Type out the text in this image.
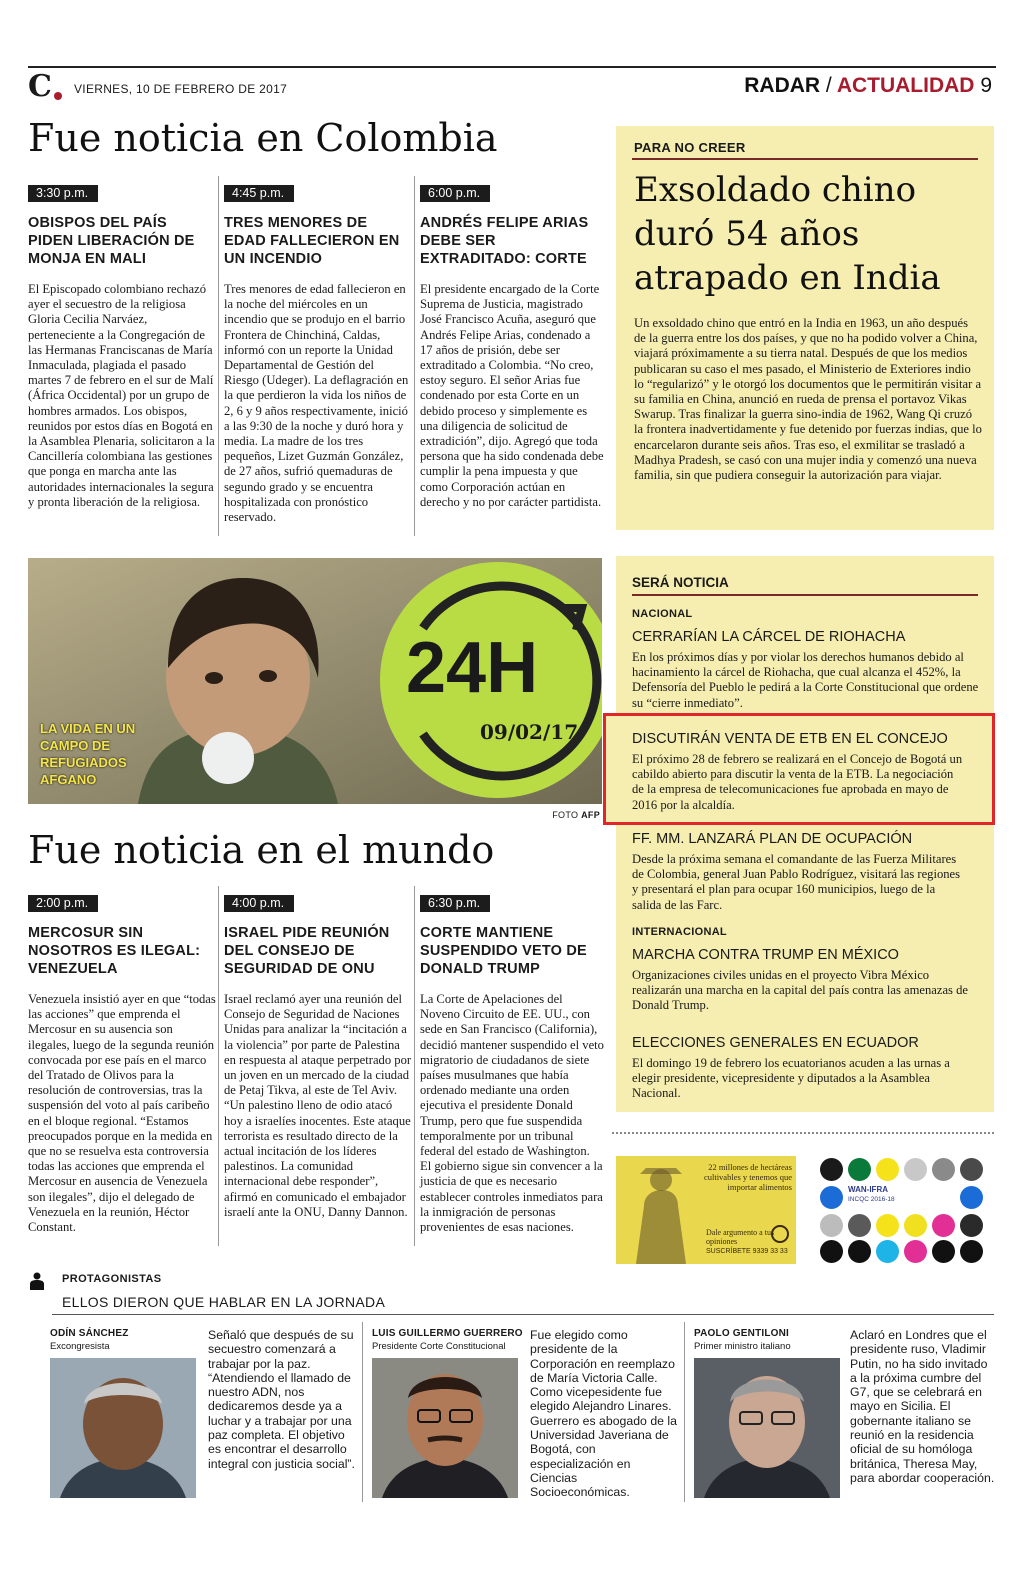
C VIERNES, 10 DE FEBRERO DE 2017	RADAR / ACTUALIDAD 9
Fue noticia en Colombia
3:30 p.m.
OBISPOS DEL PAÍS PIDEN LIBERACIÓN DE MONJA EN MALI
El Episcopado colombiano rechazó ayer el secuestro de la religiosa Gloria Cecilia Narváez, perteneciente a la Congregación de las Hermanas Franciscanas de María Inmaculada, plagiada el pasado martes 7 de febrero en el sur de Malí (África Occidental) por un grupo de hombres armados. Los obispos, reunidos por estos días en Bogotá en la Asamblea Plenaria, solicitaron a la Cancillería colombiana las gestiones que ponga en marcha ante las autoridades internacionales la segura y pronta liberación de la religiosa.
4:45 p.m.
TRES MENORES DE EDAD FALLECIERON EN UN INCENDIO
Tres menores de edad fallecieron en la noche del miércoles en un incendio que se produjo en el barrio Frontera de Chinchiná, Caldas, informó con un reporte la Unidad Departamental de Gestión del Riesgo (Udeger). La deflagración en la que perdieron la vida los niños de 2, 6 y 9 años respectivamente, inició a las 9:30 de la noche y duró hora y media. La madre de los tres pequeños, Lizet Guzmán González, de 27 años, sufrió quemaduras de segundo grado y se encuentra hospitalizada con pronóstico reservado.
6:00 p.m.
ANDRÉS FELIPE ARIAS DEBE SER EXTRADITADO: CORTE
El presidente encargado de la Corte Suprema de Justicia, magistrado José Francisco Acuña, aseguró que Andrés Felipe Arias, condenado a 17 años de prisión, debe ser extraditado a Colombia. “No creo, estoy seguro. El señor Arias fue condenado por esta Corte en un debido proceso y simplemente es una diligencia de solicitud de extradición”, dijo. Agregó que toda persona que ha sido condenada debe cumplir la pena impuesta y que como Corporación actúan en derecho y no por carácter partidista.
PARA NO CREER
Exsoldado chino duró 54 años atrapado en India
Un exsoldado chino que entró en la India en 1963, un año después de la guerra entre los dos países, y que no ha podido volver a China, viajará próximamente a su tierra natal. Después de que los medios publicaran su caso el mes pasado, el Ministerio de Exteriores indio lo “regularizó” y le otorgó los documentos que le permitirán visitar a su familia en China, anunció en rueda de prensa el portavoz Vikas Swarup. Tras finalizar la guerra sino-india de 1962, Wang Qi cruzó la frontera inadvertidamente y fue detenido por fuerzas indias, que lo encarcelaron durante seis años. Tras eso, el exmilitar se trasladó a Madhya Pradesh, se casó con una mujer india y comenzó una nueva familia, sin que pudiera conseguir la autorización para viajar.
24H
09/02/17
LA VIDA EN UN CAMPO DE REFUGIADOS AFGANO
FOTO AFP
SERÁ NOTICIA
NACIONAL
CERRARÍAN LA CÁRCEL DE RIOHACHA
En los próximos días y por violar los derechos humanos debido al hacinamiento la cárcel de Riohacha, que cual alcanza el 452%, la Defensoría del Pueblo le pedirá a la Corte Constitucional que ordene su “cierre inmediato”.
DISCUTIRÁN VENTA DE ETB EN EL CONCEJO
El próximo 28 de febrero se realizará en el Concejo de Bogotá un cabildo abierto para discutir la venta de la ETB. La negociación de la empresa de telecomunicaciones fue aprobada en mayo de 2016 por la alcaldía.
FF. MM. LANZARÁ PLAN DE OCUPACIÓN
Desde la próxima semana el comandante de las Fuerza Militares de Colombia, general Juan Pablo Rodríguez, visitará las regiones y presentará el plan para ocupar 160 municipios, luego de la salida de las Farc.
INTERNACIONAL
MARCHA CONTRA TRUMP EN MÉXICO
Organizaciones civiles unidas en el proyecto Vibra México realizarán una marcha en la capital del país contra las amenazas de Donald Trump.
ELECCIONES GENERALES EN ECUADOR
El domingo 19 de febrero los ecuatorianos acuden a las urnas a elegir presidente, vicepresidente y diputados a la Asamblea Nacional.
Fue noticia en el mundo
2:00 p.m.
MERCOSUR SIN NOSOTROS ES ILEGAL: VENEZUELA
Venezuela insistió ayer en que “todas las acciones” que emprenda el Mercosur en su ausencia son ilegales, luego de la segunda reunión convocada por ese país en el marco del Tratado de Olivos para la resolución de controversias, tras la suspensión del voto al país caribeño en el bloque regional. “Estamos preocupados porque en la medida en que no se resuelva esta controversia todas las acciones que emprenda el Mercosur en ausencia de Venezuela son ilegales”, dijo el delegado de Venezuela en la reunión, Héctor Constant.
4:00 p.m.
ISRAEL PIDE REUNIÓN DEL CONSEJO DE SEGURIDAD DE ONU
Israel reclamó ayer una reunión del Consejo de Seguridad de Naciones Unidas para analizar la “incitación a la violencia” por parte de Palestina en respuesta al ataque perpetrado por un joven en un mercado de la ciudad de Petaj Tikva, al este de Tel Aviv. “Un palestino lleno de odio atacó hoy a israelíes inocentes. Este ataque terrorista es resultado directo de la actual incitación de los líderes palestinos. La comunidad internacional debe responder”, afirmó en comunicado el embajador israelí ante la ONU, Danny Dannon.
6:30 p.m.
CORTE MANTIENE SUSPENDIDO VETO DE DONALD TRUMP
La Corte de Apelaciones del Noveno Circuito de EE. UU., con sede en San Francisco (California), decidió mantener suspendido el veto migratorio de ciudadanos de siete países musulmanes que había ordenado mediante una orden ejecutiva el presidente Donald Trump, pero que fue suspendida temporalmente por un tribunal federal del estado de Washington. El gobierno sigue sin convencer a la justicia de que es necesario establecer controles inmediatos para la inmigración de personas provenientes de esas naciones.
22 millones de hectáreas cultivables y tenemos que importar alimentos
Dale argumento a tus opiniones
SUSCRÍBETE 9339 33 33
WAN-IFRA
INCQC 2016-18
PROTAGONISTAS
ELLOS DIERON QUE HABLAR EN LA JORNADA
ODÍN SÁNCHEZ
Excongresista
Señaló que después de su secuestro comenzará a trabajar por la paz. “Atendiendo el llamado de nuestro ADN, nos dedicaremos desde ya a luchar y a trabajar por una paz completa. El objetivo es encontrar el desarrollo integral con justicia social”.
LUIS GUILLERMO GUERRERO
Presidente Corte Constitucional
Fue elegido como presidente de la Corporación en reemplazo de María Victoria Calle. Como vicepesidente fue elegido Alejandro Linares. Guerrero es abogado de la Universidad Javeriana de Bogotá, con especialización en Ciencias Socioeconómicas.
PAOLO GENTILONI
Primer ministro italiano
Aclaró en Londres que el presidente ruso, Vladimir Putin, no ha sido invitado a la próxima cumbre del G7, que se celebrará en mayo en Sicilia. El gobernante italiano se reunió en la residencia oficial de su homóloga británica, Theresa May, para abordar cooperación.
